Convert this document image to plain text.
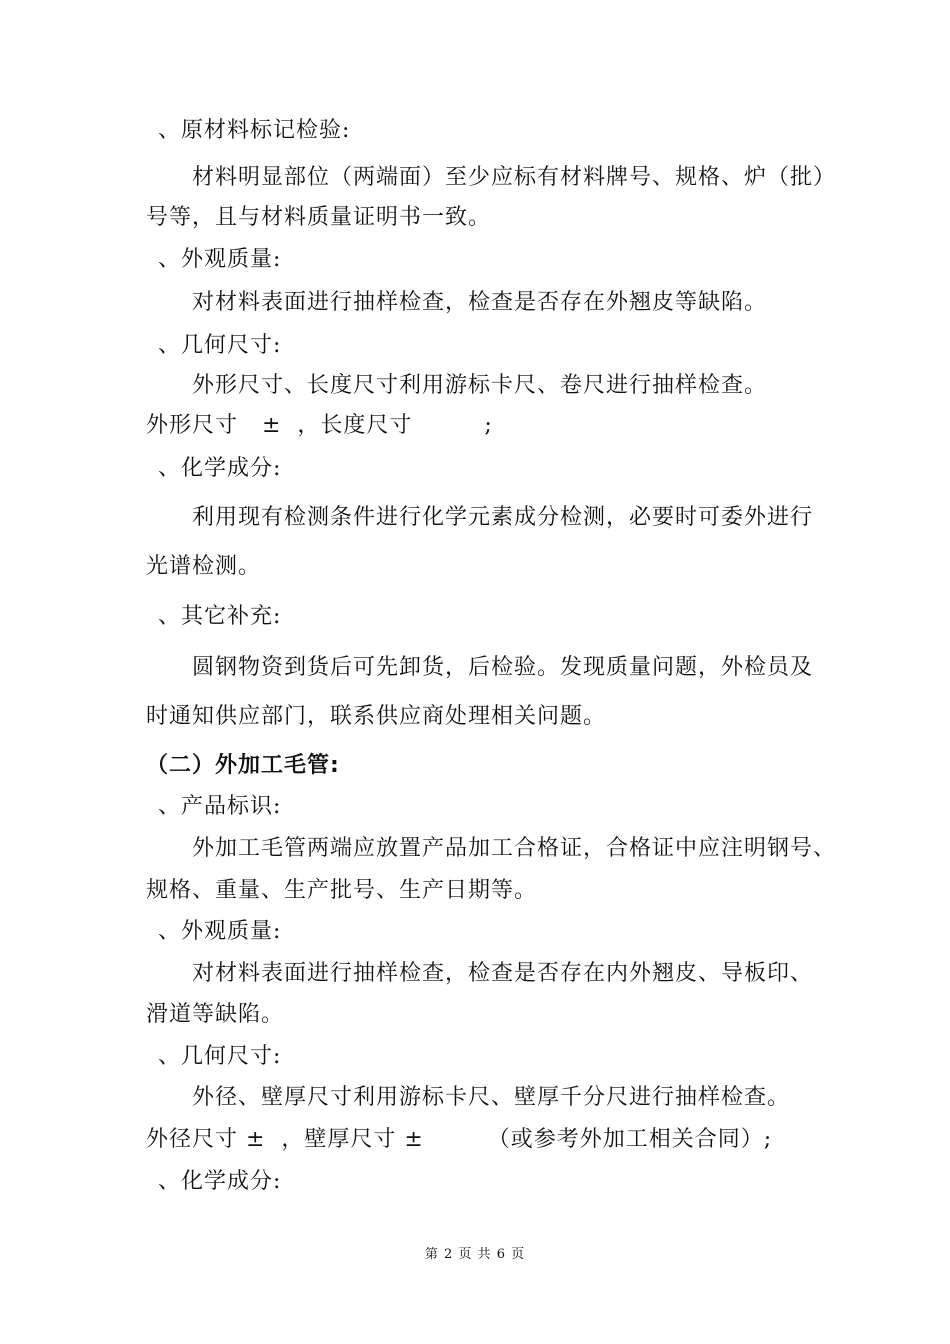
、原材料标记检验:
材料明显部位（两端面）至少应标有材料牌号、规格、炉（批）
号等，且与材料质量证明书一致。
、外观质量:
对材料表面进行抽样检查，检查是否存在外翘皮等缺陷。
、几何尺寸:
外形尺寸、长度尺寸利用游标卡尺、卷尺进行抽样检查。
外形尺寸   ±  ，长度尺寸         ;
、化学成分:
利用现有检测条件进行化学元素成分检测，必要时可委外进行
光谱检测。
、其它补充:
圆钢物资到货后可先卸货，后检验。发现质量问题，外检员及
时通知供应部门，联系供应商处理相关问题。
（二）外加工毛管:
、产品标识:
外加工毛管两端应放置产品加工合格证，合格证中应注明钢号、
规格、重量、生产批号、生产日期等。
、外观质量:
对材料表面进行抽样检查，检查是否存在内外翘皮、导板印、
滑道等缺陷。
、几何尺寸:
外径、壁厚尺寸利用游标卡尺、壁厚千分尺进行抽样检查。
外径尺寸 ±  ，壁厚尺寸 ±        （或参考外加工相关合同）;
、化学成分:
第 2 页 共 6 页
